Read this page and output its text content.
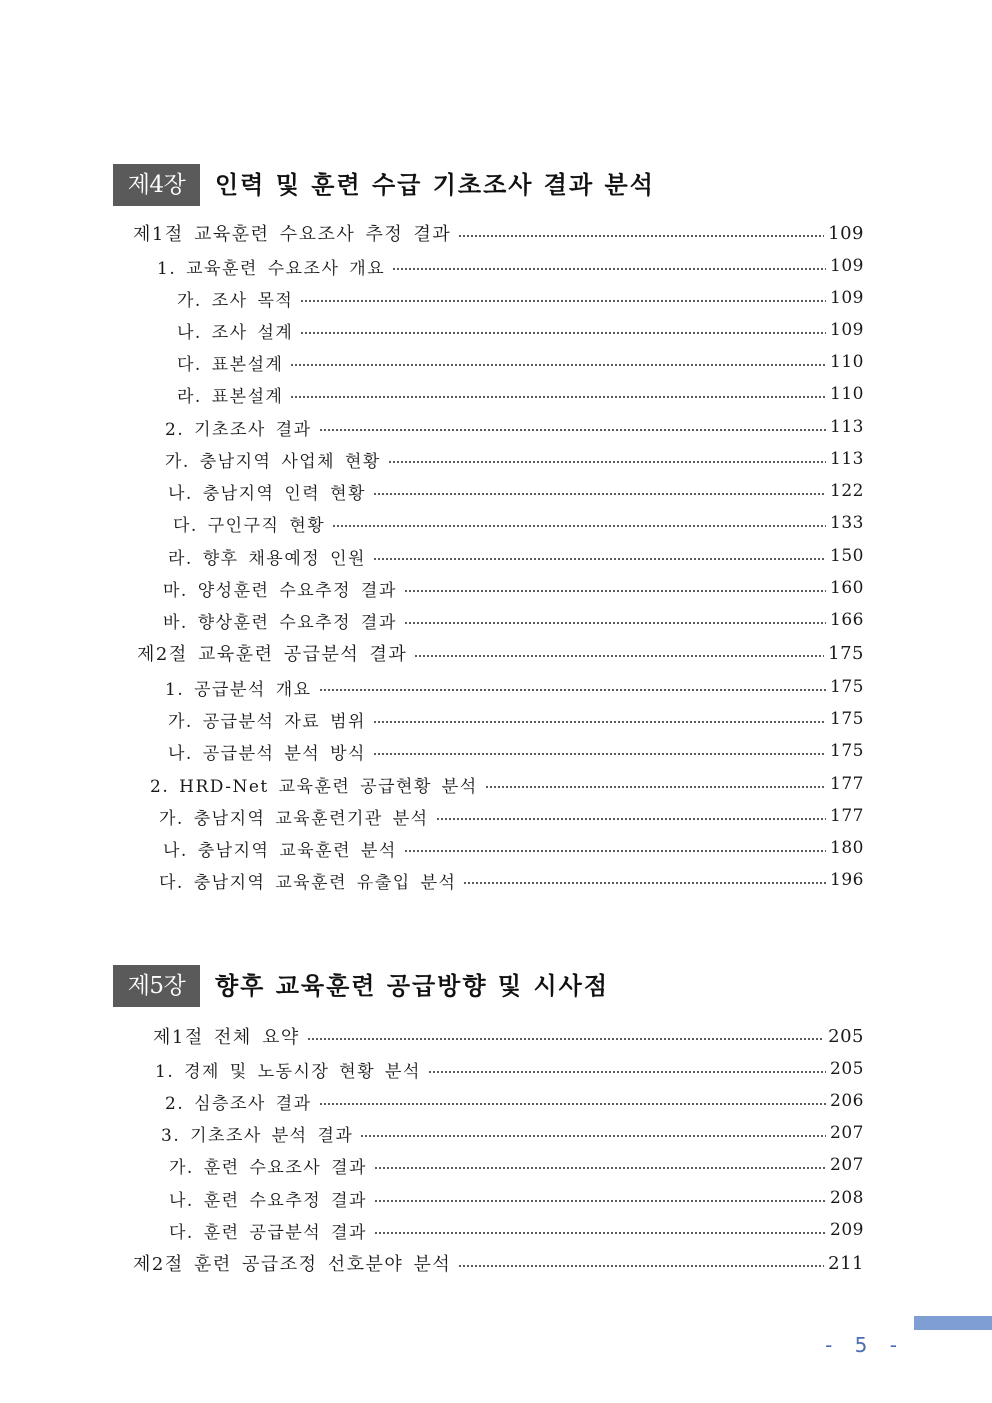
제4장	인력 및 훈련 수급 기초조사 결과 분석
제1절 교육훈련 수요조사 추정 결과	109
1. 교육훈련 수요조사 개요	109
가. 조사 목적	109
나. 조사 설계	109
다. 표본설계	110
라. 표본설계	110
2. 기초조사 결과	113
가. 충남지역 사업체 현황	113
나. 충남지역 인력 현황	122
다. 구인구직 현황	133
라. 향후 채용예정 인원	150
마. 양성훈련 수요추정 결과	160
바. 향상훈련 수요추정 결과	166
제2절 교육훈련 공급분석 결과	175
1. 공급분석 개요	175
가. 공급분석 자료 범위	175
나. 공급분석 분석 방식	175
2. HRD-Net 교육훈련 공급현황 분석	177
가. 충남지역 교육훈련기관 분석	177
나. 충남지역 교육훈련 분석	180
다. 충남지역 교육훈련 유출입 분석	196
제5장	향후 교육훈련 공급방향 및 시사점
제1절 전체 요약	205
1. 경제 및 노동시장 현황 분석	205
2. 심층조사 결과	206
3. 기초조사 분석 결과	207
가. 훈련 수요조사 결과	207
나. 훈련 수요추정 결과	208
다. 훈련 공급분석 결과	209
제2절 훈련 공급조정 선호분야 분석	211
- 5 -
